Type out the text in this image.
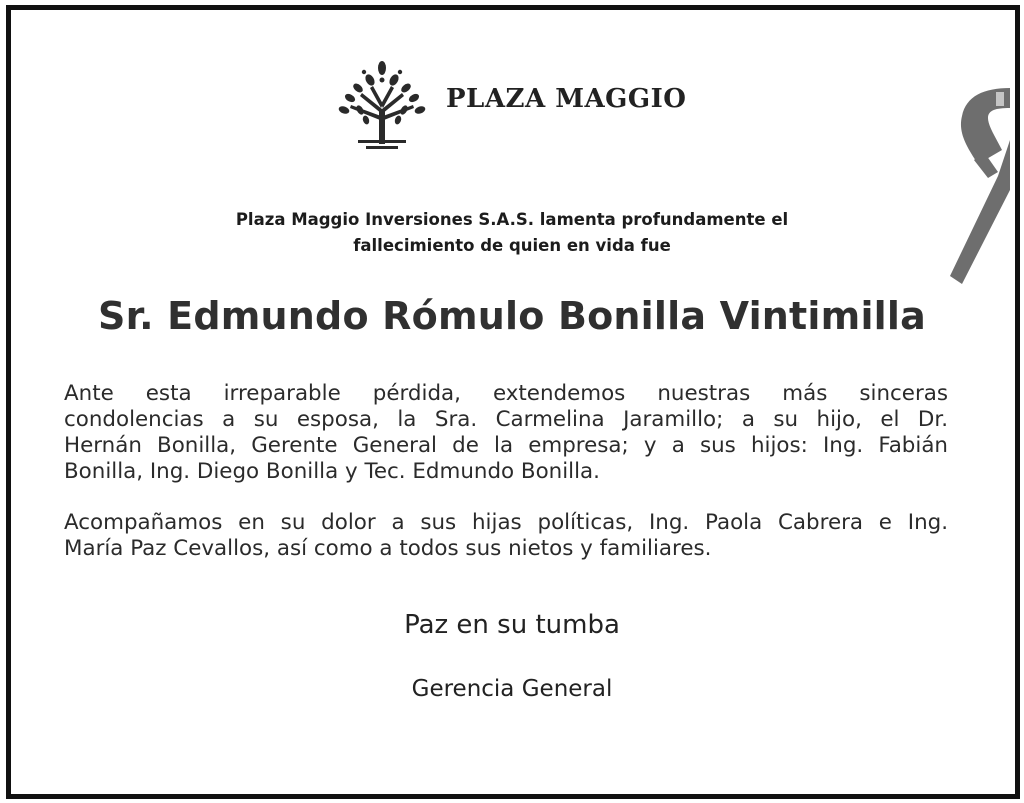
PLAZA MAGGIO
Plaza Maggio Inversiones S.A.S. lamenta profundamente el
fallecimiento de quien en vida fue
Sr. Edmundo Rómulo Bonilla Vintimilla
Ante esta irreparable pérdida, extendemos nuestras más sinceras
condolencias a su esposa, la Sra. Carmelina Jaramillo; a su hijo, el Dr.
Hernán Bonilla, Gerente General de la empresa; y a sus hijos: Ing. Fabián
Bonilla, Ing. Diego Bonilla y Tec. Edmundo Bonilla.
Acompañamos en su dolor a sus hijas políticas, Ing. Paola Cabrera e Ing.
María Paz Cevallos, así como a todos sus nietos y familiares.
Paz en su tumba
Gerencia General
